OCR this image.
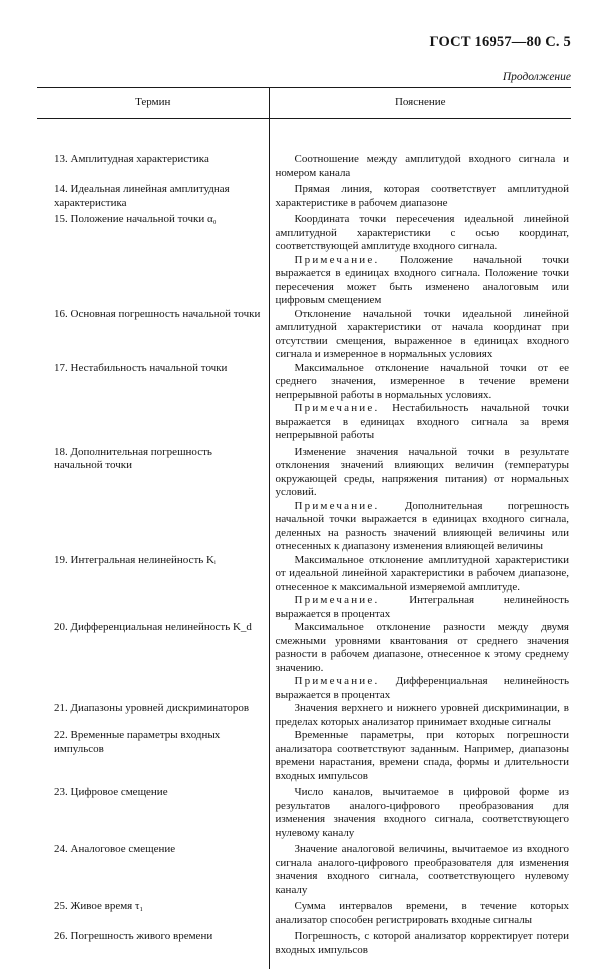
ГОСТ 16957—80 С. 5
Продолжение
Термин	Пояснение
13. Амплитудная характеристика	Соотношение между амплитудой входного сигнала и номером канала

14. Идеальная линейная амплитудная характеристика	Прямая линия, которая соответствует амплитудной характеристике в рабочем диапазоне

15. Положение начальной точки α₀	Координата точки пересечения идеальной линейной амплитудной характеристики с осью координат, соответствующей амплитуде входного сигнала.

Примечание. Положение начальной точки выражается в единицах входного сигнала. Положение точки пересечения может быть изменено аналоговым или цифровым смещением

16. Основная погрешность начальной точки	Отклонение начальной точки идеальной линейной амплитудной характеристики от начала координат при отсутствии смещения, выраженное в единицах входного сигнала и измеренное в нормальных условиях

17. Нестабильность начальной точки	Максимальное отклонение начальной точки от ее среднего значения, измеренное в течение времени непрерывной работы в нормальных условиях.

Примечание. Нестабильность начальной точки выражается в единицах входного сигнала за время непрерывной работы

18. Дополнительная погрешность начальной точки	Изменение значения начальной точки в результате отклонения значений влияющих величин (температуры окружающей среды, напряжения питания) от нормальных условий.

Примечание. Дополнительная погрешность начальной точки выражается в единицах входного сигнала, деленных на разность значений влияющей величины или отнесенных к диапазону изменения влияющей величины

19. Интегральная нелинейность Kᵢ	Максимальное отклонение амплитудной характеристики от идеальной линейной характеристики в рабочем диапазоне, отнесенное к максимальной измеряемой амплитуде.

Примечание. Интегральная нелинейность выражается в процентах

20. Дифференциальная нелинейность K_d	Максимальное отклонение разности между двумя смежными уровнями квантования от среднего значения разности в рабочем диапазоне, отнесенное к этому среднему значению.

Примечание. Дифференциальная нелинейность выражается в процентах

21. Диапазоны уровней дискриминаторов	Значения верхнего и нижнего уровней дискриминации, в пределах которых анализатор принимает входные сигналы

22. Временные параметры входных импульсов	Временные параметры, при которых погрешности анализатора соответствуют заданным. Например, диапазоны времени нарастания, времени спада, формы и длительности входных импульсов

23. Цифровое смещение	Число каналов, вычитаемое в цифровой форме из результатов аналого-цифрового преобразования для изменения значения входного сигнала, соответствующего нулевому каналу

24. Аналоговое смещение	Значение аналоговой величины, вычитаемое из входного сигнала аналого-цифрового преобразователя для изменения значения входного сигнала, соответствующего нулевому каналу

25. Живое время τ₁	Сумма интервалов времени, в течение которых анализатор способен регистрировать входные сигналы

26. Погрешность живого времени	Погрешность, с которой анализатор корректирует потери входных импульсов
